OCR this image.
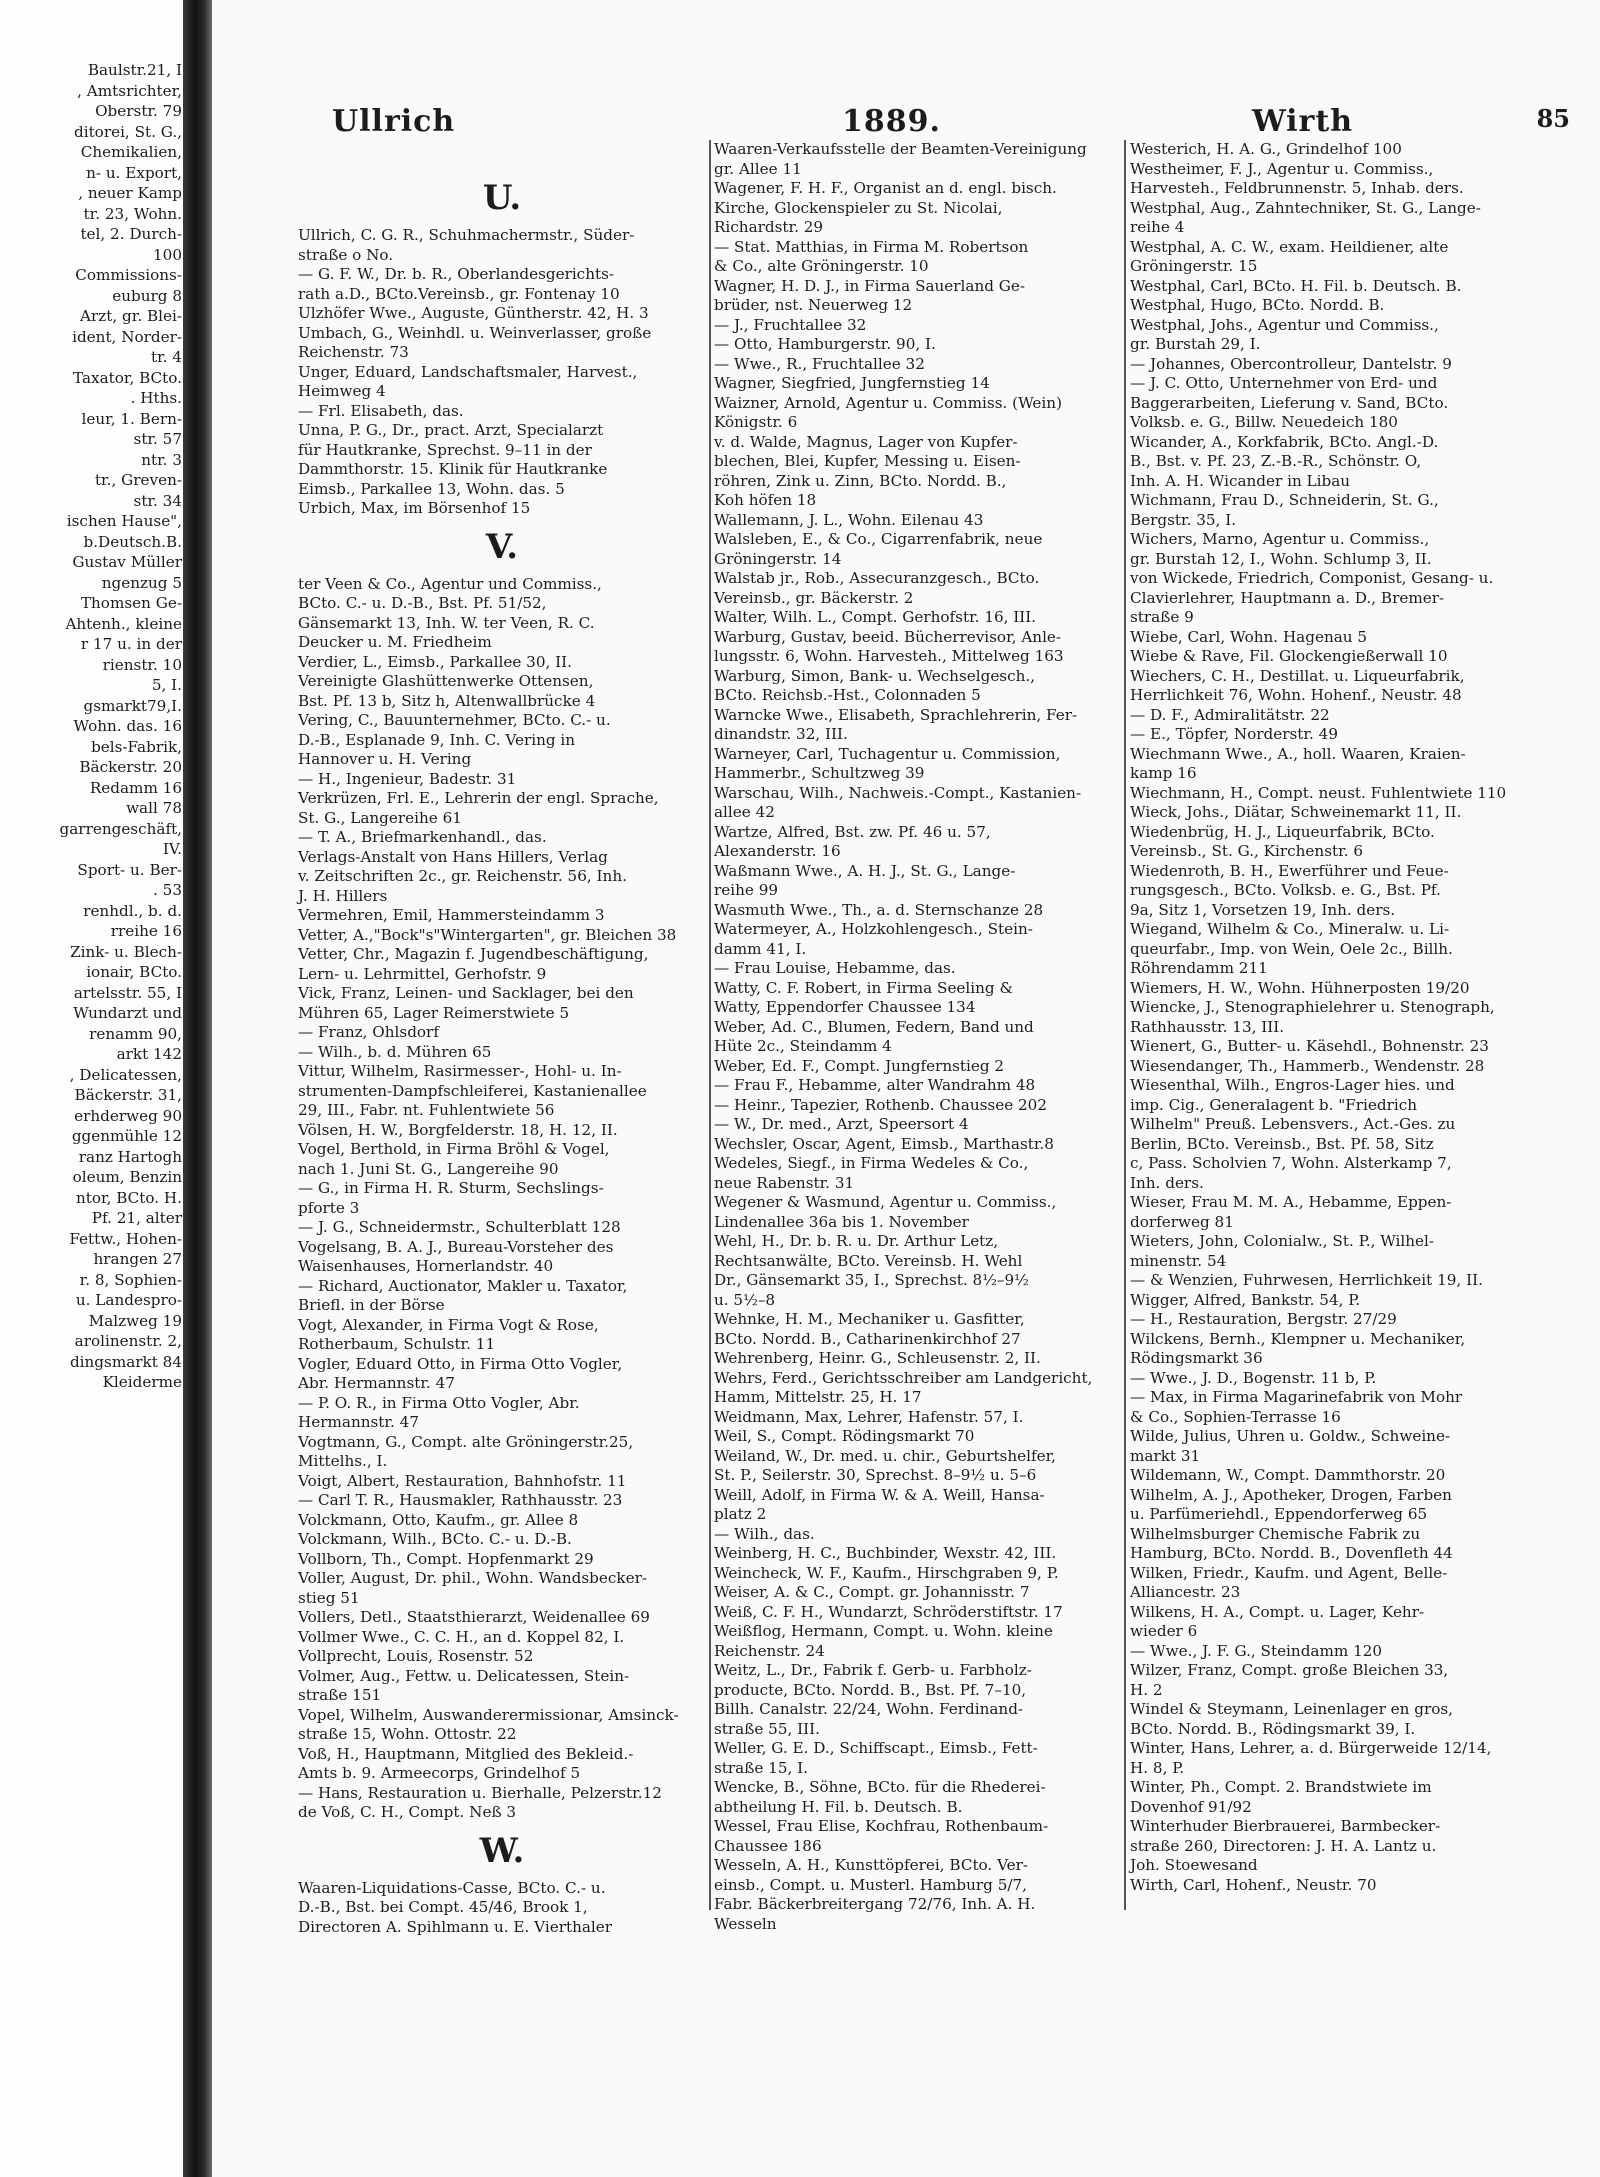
Baulstr.21, I
, Amtsrichter,
Oberstr. 79
ditorei, St. G.,
Chemikalien,
n- u. Export,
, neuer Kamp
tr. 23, Wohn.
tel, 2. Durch-
100
Commissions-
euburg 8
Arzt, gr. Blei-
ident, Norder-
tr. 4
Taxator, BCto.
. Hths.
leur, 1. Bern-
str. 57
ntr. 3
tr., Greven-
str. 34
ischen Hause",
b.Deutsch.B.
Gustav Müller
ngenzug 5
Thomsen Ge-
Ahtenh., kleine
r 17 u. in der
rienstr. 10
5, I.
gsmarkt79,I.
Wohn. das. 16
bels-Fabrik,
Bäckerstr. 20
Redamm 16
wall 78
garrengeschäft,
IV.
Sport- u. Ber-
. 53
renhdl., b. d.
rreihe 16
Zink- u. Blech-
ionair, BCto.
artelsstr. 55, I
Wundarzt und
renamm 90,
arkt 142
, Delicatessen,
Bäckerstr. 31,
erhderweg 90
ggenmühle 12
ranz Hartogh
oleum, Benzin
ntor, BCto. H.
Pf. 21, alter
Fettw., Hohen-
hrangen 27
r. 8, Sophien-
u. Landespro-
Malzweg 19
arolinenstr. 2,
dingsmarkt 84
Kleiderme
Ullrich	1889.	Wirth	85
U.
Ullrich, C. G. R., Schuhmachermstr., Süder-
straße o No.
— G. F. W., Dr. b. R., Oberlandesgerichts-
rath a.D., BCto.Vereinsb., gr. Fontenay 10
Ulzhöfer Wwe., Auguste, Güntherstr. 42, H. 3
Umbach, G., Weinhdl. u. Weinverlasser, große
Reichenstr. 73
Unger, Eduard, Landschaftsmaler, Harvest.,
Heimweg 4
— Frl. Elisabeth, das.
Unna, P. G., Dr., pract. Arzt, Specialarzt
für Hautkranke, Sprechst. 9–11 in der
Dammthorstr. 15. Klinik für Hautkranke
Eimsb., Parkallee 13, Wohn. das. 5
Urbich, Max, im Börsenhof 15
V.
ter Veen & Co., Agentur und Commiss.,
BCto. C.- u. D.-B., Bst. Pf. 51/52,
Gänsemarkt 13, Inh. W. ter Veen, R. C.
Deucker u. M. Friedheim
Verdier, L., Eimsb., Parkallee 30, II.
Vereinigte Glashüttenwerke Ottensen,
Bst. Pf. 13 b, Sitz h, Altenwallbrücke 4
Vering, C., Bauunternehmer, BCto. C.- u.
D.-B., Esplanade 9, Inh. C. Vering in
Hannover u. H. Vering
— H., Ingenieur, Badestr. 31
Verkrüzen, Frl. E., Lehrerin der engl. Sprache,
St. G., Langereihe 61
— T. A., Briefmarkenhandl., das.
Verlags-Anstalt von Hans Hillers, Verlag
v. Zeitschriften 2c., gr. Reichenstr. 56, Inh.
J. H. Hillers
Vermehren, Emil, Hammersteindamm 3
Vetter, A.,"Bock"s"Wintergarten", gr. Bleichen 38
Vetter, Chr., Magazin f. Jugendbeschäftigung,
Lern- u. Lehrmittel, Gerhofstr. 9
Vick, Franz, Leinen- und Sacklager, bei den
Mühren 65, Lager Reimerstwiete 5
— Franz, Ohlsdorf
— Wilh., b. d. Mühren 65
Vittur, Wilhelm, Rasirmesser-, Hohl- u. In-
strumenten-Dampfschleiferei, Kastanienallee
29, III., Fabr. nt. Fuhlentwiete 56
Völsen, H. W., Borgfelderstr. 18, H. 12, II.
Vogel, Berthold, in Firma Bröhl & Vogel,
nach 1. Juni St. G., Langereihe 90
— G., in Firma H. R. Sturm, Sechslings-
pforte 3
— J. G., Schneidermstr., Schulterblatt 128
Vogelsang, B. A. J., Bureau-Vorsteher des
Waisenhauses, Hornerlandstr. 40
— Richard, Auctionator, Makler u. Taxator,
Briefl. in der Börse
Vogt, Alexander, in Firma Vogt & Rose,
Rotherbaum, Schulstr. 11
Vogler, Eduard Otto, in Firma Otto Vogler,
Abr. Hermannstr. 47
— P. O. R., in Firma Otto Vogler, Abr.
Hermannstr. 47
Vogtmann, G., Compt. alte Gröningerstr.25,
Mittelhs., I.
Voigt, Albert, Restauration, Bahnhofstr. 11
— Carl T. R., Hausmakler, Rathhausstr. 23
Volckmann, Otto, Kaufm., gr. Allee 8
Volckmann, Wilh., BCto. C.- u. D.-B.
Vollborn, Th., Compt. Hopfenmarkt 29
Voller, August, Dr. phil., Wohn. Wandsbecker-
stieg 51
Vollers, Detl., Staatsthierarzt, Weidenallee 69
Vollmer Wwe., C. C. H., an d. Koppel 82, I.
Vollprecht, Louis, Rosenstr. 52
Volmer, Aug., Fettw. u. Delicatessen, Stein-
straße 151
Vopel, Wilhelm, Auswanderermissionar, Amsinck-
straße 15, Wohn. Ottostr. 22
Voß, H., Hauptmann, Mitglied des Bekleid.-
Amts b. 9. Armeecorps, Grindelhof 5
— Hans, Restauration u. Bierhalle, Pelzerstr.12
de Voß, C. H., Compt. Neß 3
W.
Waaren-Liquidations-Casse, BCto. C.- u.
D.-B., Bst. bei Compt. 45/46, Brook 1,
Directoren A. Spihlmann u. E. Vierthaler
Waaren-Verkaufsstelle der Beamten-Vereinigung
gr. Allee 11
Wagener, F. H. F., Organist an d. engl. bisch.
Kirche, Glockenspieler zu St. Nicolai,
Richardstr. 29
— Stat. Matthias, in Firma M. Robertson
& Co., alte Gröningerstr. 10
Wagner, H. D. J., in Firma Sauerland Ge-
brüder, nst. Neuerweg 12
— J., Fruchtallee 32
— Otto, Hamburgerstr. 90, I.
— Wwe., R., Fruchtallee 32
Wagner, Siegfried, Jungfernstieg 14
Waizner, Arnold, Agentur u. Commiss. (Wein)
Königstr. 6
v. d. Walde, Magnus, Lager von Kupfer-
blechen, Blei, Kupfer, Messing u. Eisen-
röhren, Zink u. Zinn, BCto. Nordd. B.,
Koh höfen 18
Wallemann, J. L., Wohn. Eilenau 43
Walsleben, E., & Co., Cigarrenfabrik, neue
Gröningerstr. 14
Walstab jr., Rob., Assecuranzgesch., BCto.
Vereinsb., gr. Bäckerstr. 2
Walter, Wilh. L., Compt. Gerhofstr. 16, III.
Warburg, Gustav, beeid. Bücherrevisor, Anle-
lungsstr. 6, Wohn. Harvesteh., Mittelweg 163
Warburg, Simon, Bank- u. Wechselgesch.,
BCto. Reichsb.-Hst., Colonnaden 5
Warncke Wwe., Elisabeth, Sprachlehrerin, Fer-
dinandstr. 32, III.
Warneyer, Carl, Tuchagentur u. Commission,
Hammerbr., Schultzweg 39
Warschau, Wilh., Nachweis.-Compt., Kastanien-
allee 42
Wartze, Alfred, Bst. zw. Pf. 46 u. 57,
Alexanderstr. 16
Waßmann Wwe., A. H. J., St. G., Lange-
reihe 99
Wasmuth Wwe., Th., a. d. Sternschanze 28
Watermeyer, A., Holzkohlengesch., Stein-
damm 41, I.
— Frau Louise, Hebamme, das.
Watty, C. F. Robert, in Firma Seeling &
Watty, Eppendorfer Chaussee 134
Weber, Ad. C., Blumen, Federn, Band und
Hüte 2c., Steindamm 4
Weber, Ed. F., Compt. Jungfernstieg 2
— Frau F., Hebamme, alter Wandrahm 48
— Heinr., Tapezier, Rothenb. Chaussee 202
— W., Dr. med., Arzt, Speersort 4
Wechsler, Oscar, Agent, Eimsb., Marthastr.8
Wedeles, Siegf., in Firma Wedeles & Co.,
neue Rabenstr. 31
Wegener & Wasmund, Agentur u. Commiss.,
Lindenallee 36a bis 1. November
Wehl, H., Dr. b. R. u. Dr. Arthur Letz,
Rechtsanwälte, BCto. Vereinsb. H. Wehl
Dr., Gänsemarkt 35, I., Sprechst. 8½–9½
u. 5½–8
Wehnke, H. M., Mechaniker u. Gasfitter,
BCto. Nordd. B., Catharinenkirchhof 27
Wehrenberg, Heinr. G., Schleusenstr. 2, II.
Wehrs, Ferd., Gerichtsschreiber am Landgericht,
Hamm, Mittelstr. 25, H. 17
Weidmann, Max, Lehrer, Hafenstr. 57, I.
Weil, S., Compt. Rödingsmarkt 70
Weiland, W., Dr. med. u. chir., Geburtshelfer,
St. P., Seilerstr. 30, Sprechst. 8–9½ u. 5–6
Weill, Adolf, in Firma W. & A. Weill, Hansa-
platz 2
— Wilh., das.
Weinberg, H. C., Buchbinder, Wexstr. 42, III.
Weincheck, W. F., Kaufm., Hirschgraben 9, P.
Weiser, A. & C., Compt. gr. Johannisstr. 7
Weiß, C. F. H., Wundarzt, Schröderstiftstr. 17
Weißflog, Hermann, Compt. u. Wohn. kleine
Reichenstr. 24
Weitz, L., Dr., Fabrik f. Gerb- u. Farbholz-
producte, BCto. Nordd. B., Bst. Pf. 7–10,
Billh. Canalstr. 22/24, Wohn. Ferdinand-
straße 55, III.
Weller, G. E. D., Schiffscapt., Eimsb., Fett-
straße 15, I.
Wencke, B., Söhne, BCto. für die Rhederei-
abtheilung H. Fil. b. Deutsch. B.
Wessel, Frau Elise, Kochfrau, Rothenbaum-
Chaussee 186
Wesseln, A. H., Kunsttöpferei, BCto. Ver-
einsb., Compt. u. Musterl. Hamburg 5/7,
Fabr. Bäckerbreitergang 72/76, Inh. A. H.
Wesseln
Westerich, H. A. G., Grindelhof 100
Westheimer, F. J., Agentur u. Commiss.,
Harvesteh., Feldbrunnenstr. 5, Inhab. ders.
Westphal, Aug., Zahntechniker, St. G., Lange-
reihe 4
Westphal, A. C. W., exam. Heildiener, alte
Gröningerstr. 15
Westphal, Carl, BCto. H. Fil. b. Deutsch. B.
Westphal, Hugo, BCto. Nordd. B.
Westphal, Johs., Agentur und Commiss.,
gr. Burstah 29, I.
— Johannes, Obercontrolleur, Dantelstr. 9
— J. C. Otto, Unternehmer von Erd- und
Baggerarbeiten, Lieferung v. Sand, BCto.
Volksb. e. G., Billw. Neuedeich 180
Wicander, A., Korkfabrik, BCto. Angl.-D.
B., Bst. v. Pf. 23, Z.-B.-R., Schönstr. O,
Inh. A. H. Wicander in Libau
Wichmann, Frau D., Schneiderin, St. G.,
Bergstr. 35, I.
Wichers, Marno, Agentur u. Commiss.,
gr. Burstah 12, I., Wohn. Schlump 3, II.
von Wickede, Friedrich, Componist, Gesang- u.
Clavierlehrer, Hauptmann a. D., Bremer-
straße 9
Wiebe, Carl, Wohn. Hagenau 5
Wiebe & Rave, Fil. Glockengießerwall 10
Wiechers, C. H., Destillat. u. Liqueurfabrik,
Herrlichkeit 76, Wohn. Hohenf., Neustr. 48
— D. F., Admiralitätstr. 22
— E., Töpfer, Norderstr. 49
Wiechmann Wwe., A., holl. Waaren, Kraien-
kamp 16
Wiechmann, H., Compt. neust. Fuhlentwiete 110
Wieck, Johs., Diätar, Schweinemarkt 11, II.
Wiedenbrüg, H. J., Liqueurfabrik, BCto.
Vereinsb., St. G., Kirchenstr. 6
Wiedenroth, B. H., Ewerführer und Feue-
rungsgesch., BCto. Volksb. e. G., Bst. Pf.
9a, Sitz 1, Vorsetzen 19, Inh. ders.
Wiegand, Wilhelm & Co., Mineralw. u. Li-
queurfabr., Imp. von Wein, Oele 2c., Billh.
Röhrendamm 211
Wiemers, H. W., Wohn. Hühnerposten 19/20
Wiencke, J., Stenographielehrer u. Stenograph,
Rathhausstr. 13, III.
Wienert, G., Butter- u. Käsehdl., Bohnenstr. 23
Wiesendanger, Th., Hammerb., Wendenstr. 28
Wiesenthal, Wilh., Engros-Lager hies. und
imp. Cig., Generalagent b. "Friedrich
Wilhelm" Preuß. Lebensvers., Act.-Ges. zu
Berlin, BCto. Vereinsb., Bst. Pf. 58, Sitz
c, Pass. Scholvien 7, Wohn. Alsterkamp 7,
Inh. ders.
Wieser, Frau M. M. A., Hebamme, Eppen-
dorferweg 81
Wieters, John, Colonialw., St. P., Wilhel-
minenstr. 54
— & Wenzien, Fuhrwesen, Herrlichkeit 19, II.
Wigger, Alfred, Bankstr. 54, P.
— H., Restauration, Bergstr. 27/29
Wilckens, Bernh., Klempner u. Mechaniker,
Rödingsmarkt 36
— Wwe., J. D., Bogenstr. 11 b, P.
— Max, in Firma Magarinefabrik von Mohr
& Co., Sophien-Terrasse 16
Wilde, Julius, Uhren u. Goldw., Schweine-
markt 31
Wildemann, W., Compt. Dammthorstr. 20
Wilhelm, A. J., Apotheker, Drogen, Farben
u. Parfümeriehdl., Eppendorferweg 65
Wilhelmsburger Chemische Fabrik zu
Hamburg, BCto. Nordd. B., Dovenfleth 44
Wilken, Friedr., Kaufm. und Agent, Belle-
Alliancestr. 23
Wilkens, H. A., Compt. u. Lager, Kehr-
wieder 6
— Wwe., J. F. G., Steindamm 120
Wilzer, Franz, Compt. große Bleichen 33,
H. 2
Windel & Steymann, Leinenlager en gros,
BCto. Nordd. B., Rödingsmarkt 39, I.
Winter, Hans, Lehrer, a. d. Bürgerweide 12/14,
H. 8, P.
Winter, Ph., Compt. 2. Brandstwiete im
Dovenhof 91/92
Winterhuder Bierbrauerei, Barmbecker-
straße 260, Directoren: J. H. A. Lantz u.
Joh. Stoewesand
Wirth, Carl, Hohenf., Neustr. 70
